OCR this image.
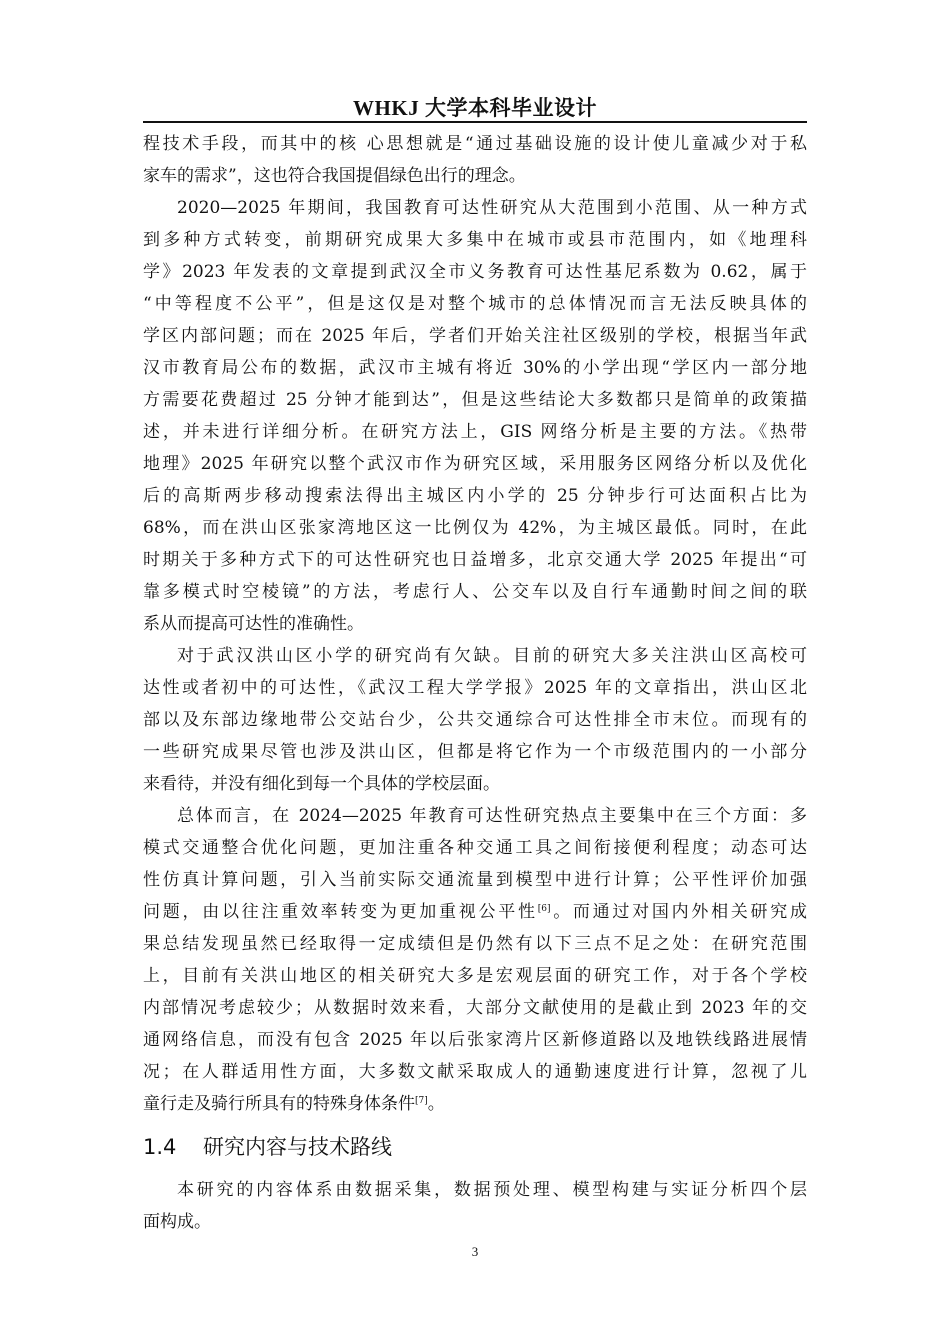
WHKJ 大学本科毕业设计
程技术手段，而其中的核 心思想就是“通过基础设施的设计使儿童减少对于私
家车的需求”，这也符合我国提倡绿色出行的理念。
2020—2025 年期间，我国教育可达性研究从大范围到小范围、从一种方式
到多种方式转变，前期研究成果大多集中在城市或县市范围内，如《地理科
学》2023 年发表的文章提到武汉全市义务教育可达性基尼系数为 0.62，属于
“中等程度不公平”，但是这仅是对整个城市的总体情况而言无法反映具体的
学区内部问题；而在 2025 年后，学者们开始关注社区级别的学校，根据当年武
汉市教育局公布的数据，武汉市主城有将近 30%的小学出现“学区内一部分地
方需要花费超过 25 分钟才能到达”，但是这些结论大多数都只是简单的政策描
述，并未进行详细分析。在研究方法上，GIS 网络分析是主要的方法。《热带
地理》2025 年研究以整个武汉市作为研究区域，采用服务区网络分析以及优化
后的高斯两步移动搜索法得出主城区内小学的 25 分钟步行可达面积占比为
68%，而在洪山区张家湾地区这一比例仅为 42%，为主城区最低。同时，在此
时期关于多种方式下的可达性研究也日益增多，北京交通大学 2025 年提出“可
靠多模式时空棱镜”的方法，考虑行人、公交车以及自行车通勤时间之间的联
系从而提高可达性的准确性。
对于武汉洪山区小学的研究尚有欠缺。目前的研究大多关注洪山区高校可
达性或者初中的可达性，《武汉工程大学学报》2025 年的文章指出，洪山区北
部以及东部边缘地带公交站台少，公共交通综合可达性排全市末位。而现有的
一些研究成果尽管也涉及洪山区，但都是将它作为一个市级范围内的一小部分
来看待，并没有细化到每一个具体的学校层面。
总体而言，在 2024—2025 年教育可达性研究热点主要集中在三个方面：多
模式交通整合优化问题，更加注重各种交通工具之间衔接便利程度；动态可达
性仿真计算问题，引入当前实际交通流量到模型中进行计算；公平性评价加强
问题，由以往注重效率转变为更加重视公平性[6]。而通过对国内外相关研究成
果总结发现虽然已经取得一定成绩但是仍然有以下三点不足之处：在研究范围
上，目前有关洪山地区的相关研究大多是宏观层面的研究工作，对于各个学校
内部情况考虑较少；从数据时效来看，大部分文献使用的是截止到 2023 年的交
通网络信息，而没有包含 2025 年以后张家湾片区新修道路以及地铁线路进展情
况；在人群适用性方面，大多数文献采取成人的通勤速度进行计算，忽视了儿
童行走及骑行所具有的特殊身体条件[7]。
1.4 研究内容与技术路线
本研究的内容体系由数据采集，数据预处理、模型构建与实证分析四个层
面构成。
3
